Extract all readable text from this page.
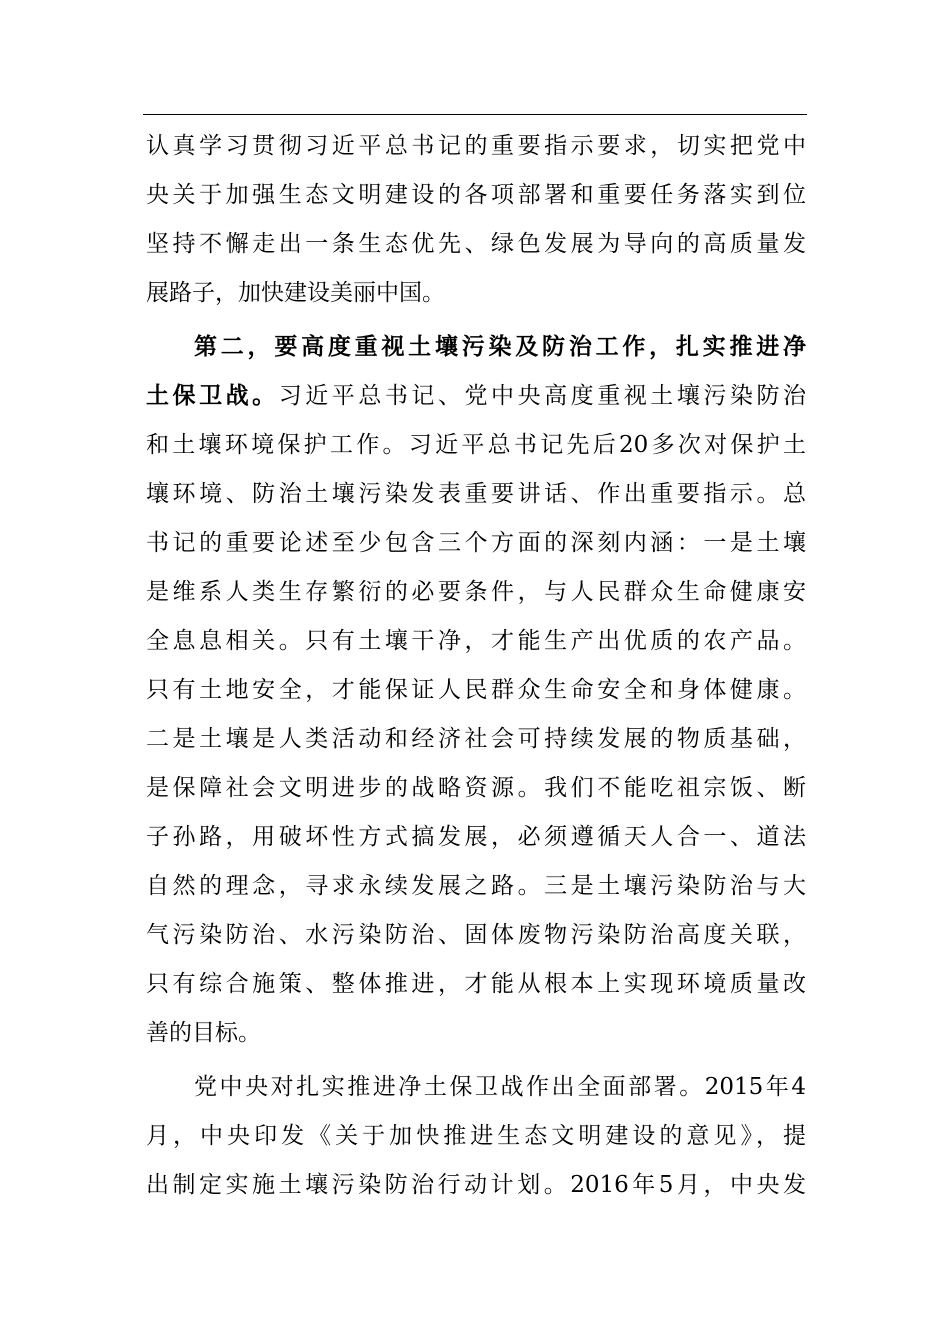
认真学习贯彻习近平总书记的重要指示要求，切实把党中
央关于加强生态文明建设的各项部署和重要任务落实到位
坚持不懈走出一条生态优先、绿色发展为导向的高质量发
展路子，加快建设美丽中国。
第二，要高度重视土壤污染及防治工作，扎实推进净
土保卫战。习近平总书记、党中央高度重视土壤污染防治
和土壤环境保护工作。习近平总书记先后20多次对保护土
壤环境、防治土壤污染发表重要讲话、作出重要指示。总
书记的重要论述至少包含三个方面的深刻内涵：一是土壤
是维系人类生存繁衍的必要条件，与人民群众生命健康安
全息息相关。只有土壤干净，才能生产出优质的农产品。
只有土地安全，才能保证人民群众生命安全和身体健康。
二是土壤是人类活动和经济社会可持续发展的物质基础，
是保障社会文明进步的战略资源。我们不能吃祖宗饭、断
子孙路，用破坏性方式搞发展，必须遵循天人合一、道法
自然的理念，寻求永续发展之路。三是土壤污染防治与大
气污染防治、水污染防治、固体废物污染防治高度关联，
只有综合施策、整体推进，才能从根本上实现环境质量改
善的目标。
党中央对扎实推进净土保卫战作出全面部署。2015年4
月，中央印发《关于加快推进生态文明建设的意见》，提
出制定实施土壤污染防治行动计划。2016年5月，中央发
